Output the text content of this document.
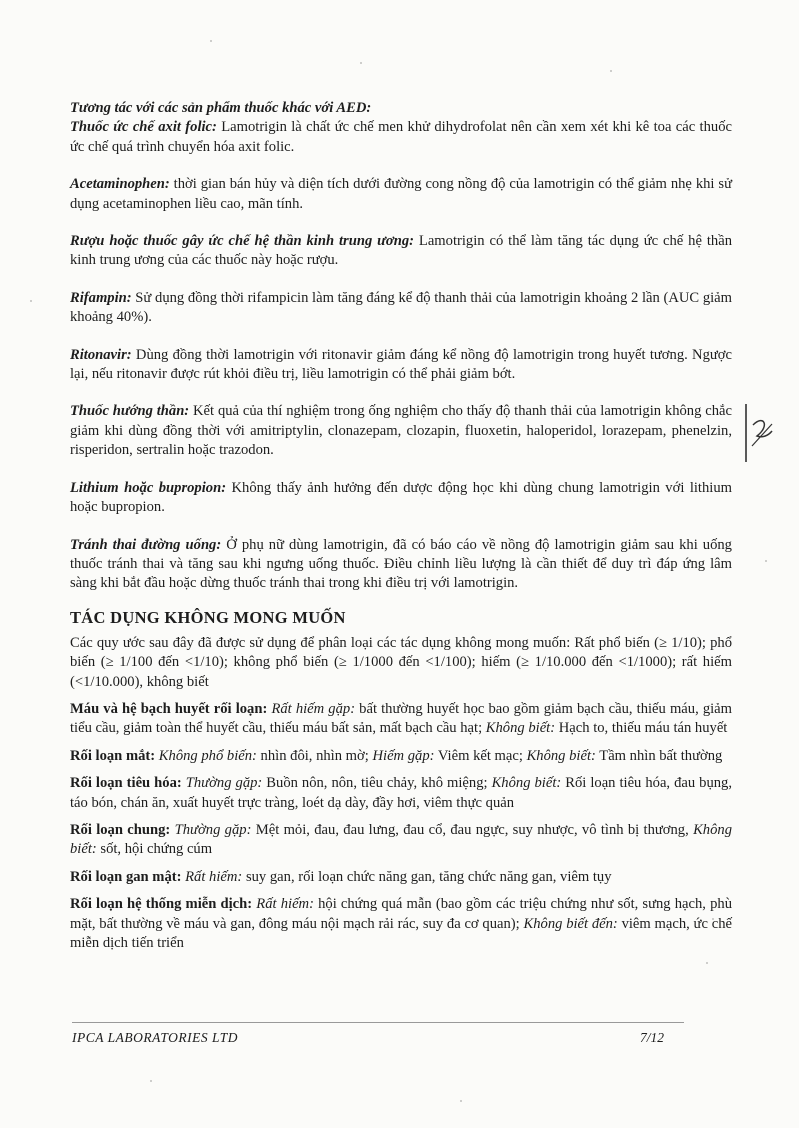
Tương tác với các sản phẩm thuốc khác với AED:

Thuốc ức chế axit folic: Lamotrigin là chất ức chế men khử dihydrofolat nên cần xem xét khi kê toa các thuốc ức chế quá trình chuyển hóa axit folic.

Acetaminophen: thời gian bán hủy và diện tích dưới đường cong nồng độ của lamotrigin có thể giảm nhẹ khi sử dụng acetaminophen liều cao, mãn tính.

Rượu hoặc thuốc gây ức chế hệ thần kinh trung ương: Lamotrigin có thể làm tăng tác dụng ức chế hệ thần kinh trung ương của các thuốc này hoặc rượu.

Rifampin: Sử dụng đồng thời rifampicin làm tăng đáng kể độ thanh thải của lamotrigin khoảng 2 lần (AUC giảm khoảng 40%).

Ritonavir: Dùng đồng thời lamotrigin với ritonavir giảm đáng kể nồng độ lamotrigin trong huyết tương. Ngược lại, nếu ritonavir được rút khỏi điều trị, liều lamotrigin có thể phải giảm bớt.

Thuốc hướng thần: Kết quả của thí nghiệm trong ống nghiệm cho thấy độ thanh thải của lamotrigin không chắc giảm khi dùng đồng thời với amitriptylin, clonazepam, clozapin, fluoxetin, haloperidol, lorazepam, phenelzin, risperidon, sertralin hoặc trazodon.

Lithium hoặc bupropion: Không thấy ảnh hưởng đến dược động học khi dùng chung lamotrigin với lithium hoặc bupropion.

Tránh thai đường uống: Ở phụ nữ dùng lamotrigin, đã có báo cáo về nồng độ lamotrigin giảm sau khi uống thuốc tránh thai và tăng sau khi ngưng uống thuốc. Điều chỉnh liều lượng là cần thiết để duy trì đáp ứng lâm sàng khi bắt đầu hoặc dừng thuốc tránh thai trong khi điều trị với lamotrigin.

TÁC DỤNG KHÔNG MONG MUỐN

Các quy ước sau đây đã được sử dụng để phân loại các tác dụng không mong muốn: Rất phổ biến (≥ 1/10); phổ biến (≥ 1/100 đến <1/10); không phổ biến (≥ 1/1000 đến <1/100); hiếm (≥ 1/10.000 đến <1/1000); rất hiếm (<1/10.000), không biết

Máu và hệ bạch huyết rối loạn: Rất hiếm gặp: bất thường huyết học bao gồm giảm bạch cầu, thiếu máu, giảm tiểu cầu, giảm toàn thể huyết cầu, thiếu máu bất sản, mất bạch cầu hạt; Không biết: Hạch to, thiếu máu tán huyết

Rối loạn mắt: Không phổ biến: nhìn đôi, nhìn mờ; Hiếm gặp: Viêm kết mạc; Không biết: Tầm nhìn bất thường

Rối loạn tiêu hóa: Thường gặp: Buồn nôn, nôn, tiêu chảy, khô miệng; Không biết: Rối loạn tiêu hóa, đau bụng, táo bón, chán ăn, xuất huyết trực tràng, loét dạ dày, đầy hơi, viêm thực quản

Rối loạn chung: Thường gặp: Mệt mỏi, đau, đau lưng, đau cổ, đau ngực, suy nhược, vô tình bị thương, Không biết: sốt, hội chứng cúm

Rối loạn gan mật: Rất hiếm: suy gan, rối loạn chức năng gan, tăng chức năng gan, viêm tụy

Rối loạn hệ thống miễn dịch: Rất hiếm: hội chứng quá mẫn (bao gồm các triệu chứng như sốt, sưng hạch, phù mặt, bất thường về máu và gan, đông máu nội mạch rải rác, suy đa cơ quan); Không biết đến: viêm mạch, ức chế miễn dịch tiến triển

IPCA LABORATORIES LTD	7/12
